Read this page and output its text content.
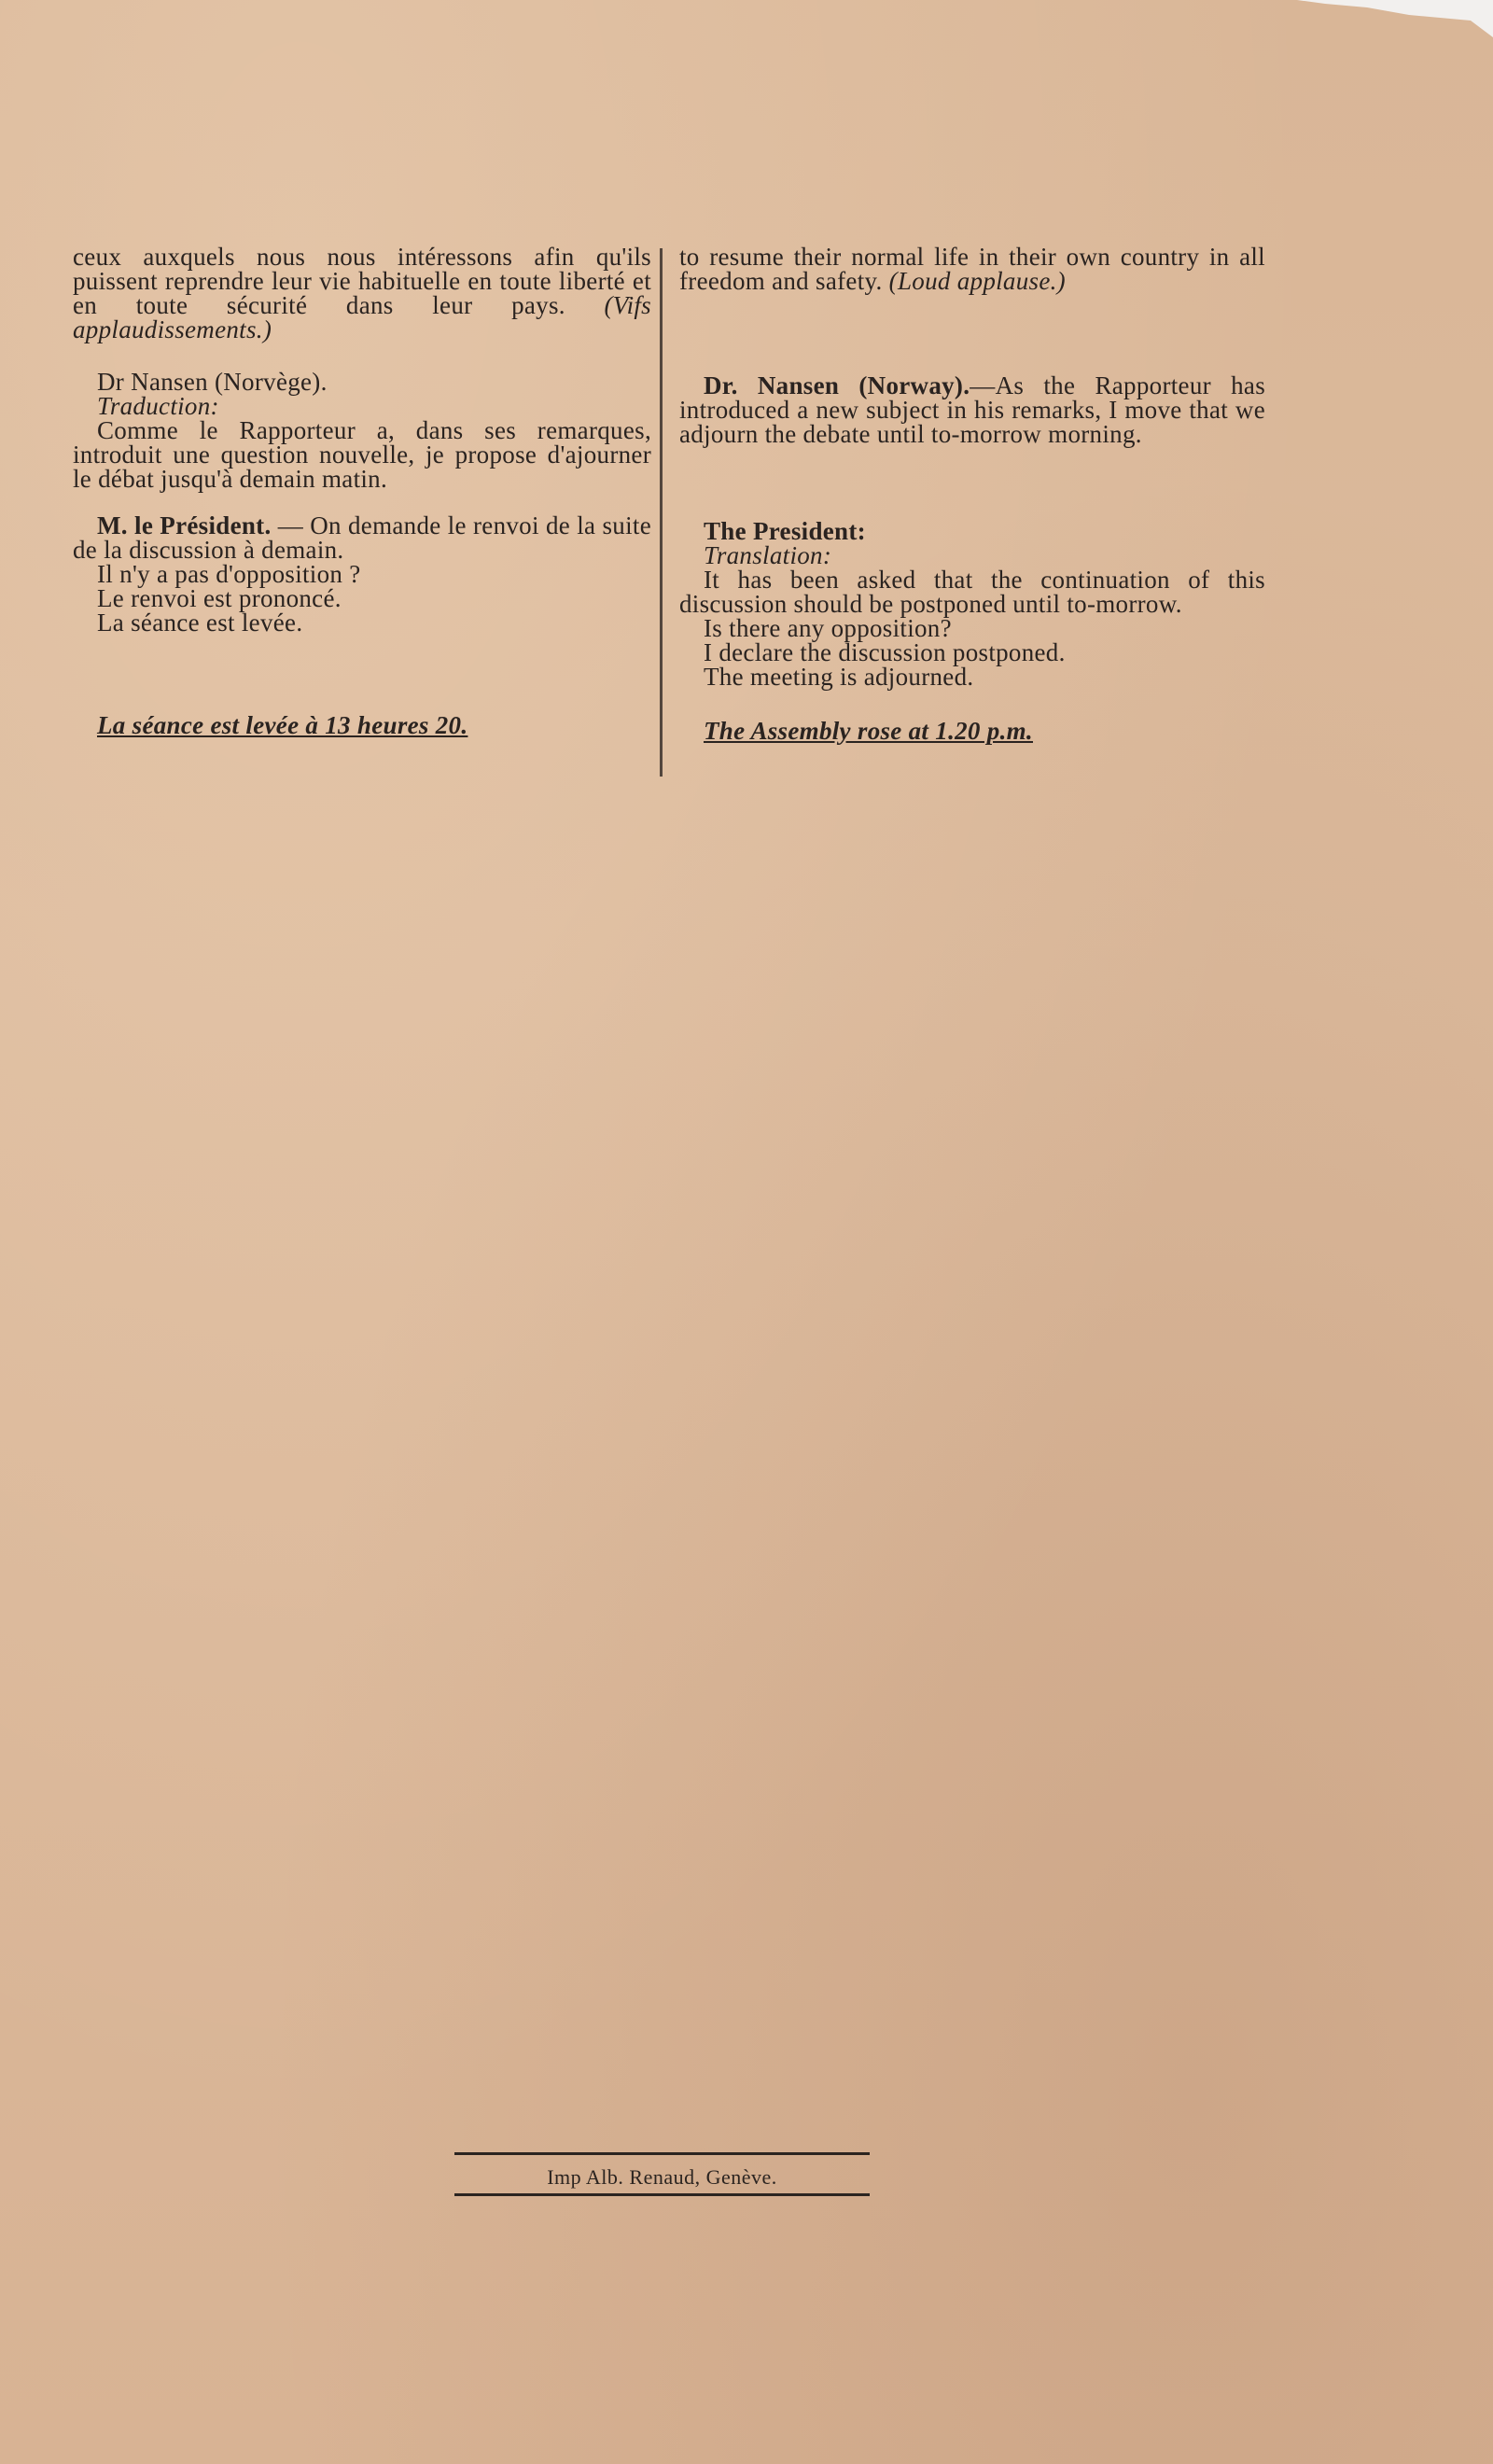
ceux auxquels nous nous intéressons afin qu'ils puissent reprendre leur vie habituelle en toute liberté et en toute sécurité dans leur pays. (Vifs applaudissements.)

Dr Nansen (Norvège).
Traduction:

Comme le Rapporteur a, dans ses remarques, introduit une question nouvelle, je propose d'ajourner le débat jusqu'à demain matin.

M. le Président. — On demande le renvoi de la suite de la discussion à demain.

Il n'y a pas d'opposition ?
Le renvoi est prononcé.
La séance est levée.
La séance est levée à 13 heures 20.

to resume their normal life in their own country in all freedom and safety. (Loud applause.)

Dr. Nansen (Norway).—As the Rapporteur has introduced a new subject in his remarks, I move that we adjourn the debate until to-morrow morning.

The President:
Translation:

It has been asked that the continuation of this discussion should be postponed until to-morrow.

Is there any opposition?
I declare the discussion postponed.
The meeting is adjourned.
The Assembly rose at 1.20 p.m.
Imp Alb. Renaud, Genève.
